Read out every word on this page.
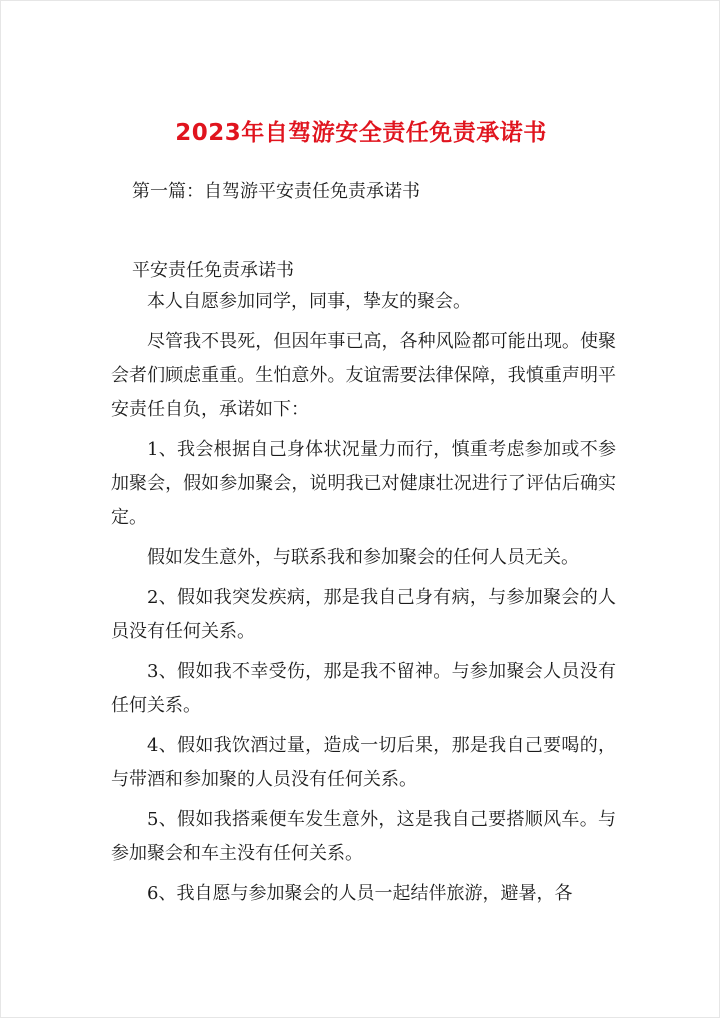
2023年自驾游安全责任免责承诺书
第一篇：自驾游平安责任免责承诺书
平安责任免责承诺书

本人自愿参加同学，同事，挚友的聚会。

尽管我不畏死，但因年事已高，各种风险都可能出现。使聚会者们顾虑重重。生怕意外。友谊需要法律保障，我慎重声明平安责任自负，承诺如下：

1、我会根据自己身体状况量力而行，慎重考虑参加或不参加聚会，假如参加聚会，说明我已对健康壮况进行了评估后确实定。

假如发生意外，与联系我和参加聚会的任何人员无关。

2、假如我突发疾病，那是我自己身有病，与参加聚会的人员没有任何关系。

3、假如我不幸受伤，那是我不留神。与参加聚会人员没有任何关系。

4、假如我饮酒过量，造成一切后果，那是我自己要喝的，与带酒和参加聚的人员没有任何关系。

5、假如我搭乘便车发生意外，这是我自己要搭顺风车。与参加聚会和车主没有任何关系。

6、我自愿与参加聚会的人员一起结伴旅游，避暑，各
